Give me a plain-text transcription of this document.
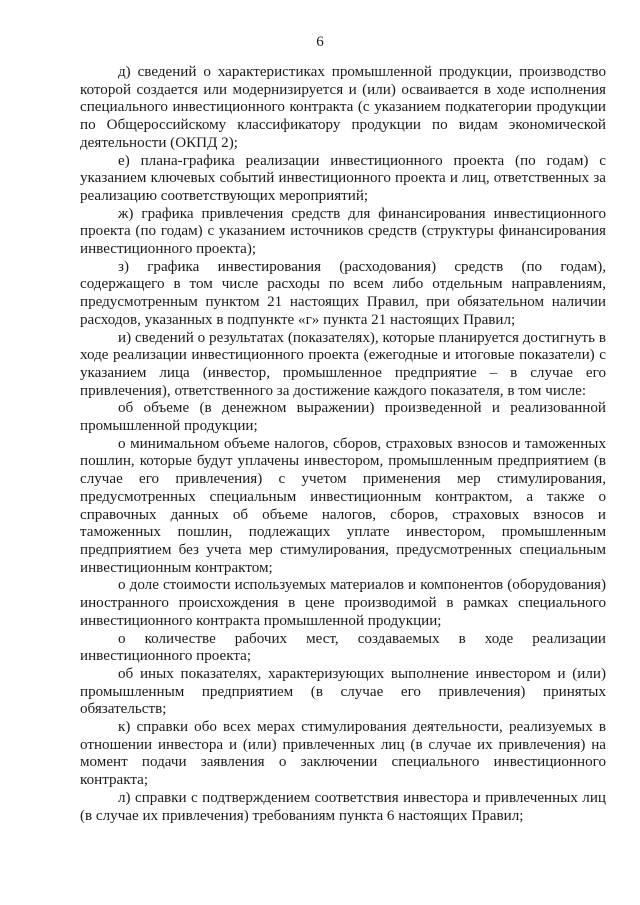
6

д) сведений о характеристиках промышленной продукции, производство которой создается или модернизируется и (или) осваивается в ходе исполнения специального инвестиционного контракта (с указанием подкатегории продукции по Общероссийскому классификатору продукции по видам экономической деятельности (ОКПД 2);

е) плана-графика реализации инвестиционного проекта (по годам) с указанием ключевых событий инвестиционного проекта и лиц, ответственных за реализацию соответствующих мероприятий;

ж) графика привлечения средств для финансирования инвестиционного проекта (по годам) с указанием источников средств (структуры финансирования инвестиционного проекта);

з) графика инвестирования (расходования) средств (по годам), содержащего в том числе расходы по всем либо отдельным направлениям, предусмотренным пунктом 21 настоящих Правил, при обязательном наличии расходов, указанных в подпункте «г» пункта 21 настоящих Правил;

и) сведений о результатах (показателях), которые планируется достигнуть в ходе реализации инвестиционного проекта (ежегодные и итоговые показатели) с указанием лица (инвестор, промышленное предприятие – в случае его привлечения), ответственного за достижение каждого показателя, в том числе:

об объеме (в денежном выражении) произведенной и реализованной промышленной продукции;

о минимальном объеме налогов, сборов, страховых взносов и таможенных пошлин, которые будут уплачены инвестором, промышленным предприятием (в случае его привлечения) с учетом применения мер стимулирования, предусмотренных специальным инвестиционным контрактом, а также о справочных данных об объеме налогов, сборов, страховых взносов и таможенных пошлин, подлежащих уплате инвестором, промышленным предприятием без учета мер стимулирования, предусмотренных специальным инвестиционным контрактом;

о доле стоимости используемых материалов и компонентов (оборудования) иностранного происхождения в цене производимой в рамках специального инвестиционного контракта промышленной продукции;

о количестве рабочих мест, создаваемых в ходе реализации инвестиционного проекта;

об иных показателях, характеризующих выполнение инвестором и (или) промышленным предприятием (в случае его привлечения) принятых обязательств;

к) справки обо всех мерах стимулирования деятельности, реализуемых в отношении инвестора и (или) привлеченных лиц (в случае их привлечения) на момент подачи заявления о заключении специального инвестиционного контракта;

л) справки с подтверждением соответствия инвестора и привлеченных лиц (в случае их привлечения) требованиям пункта 6 настоящих Правил;
